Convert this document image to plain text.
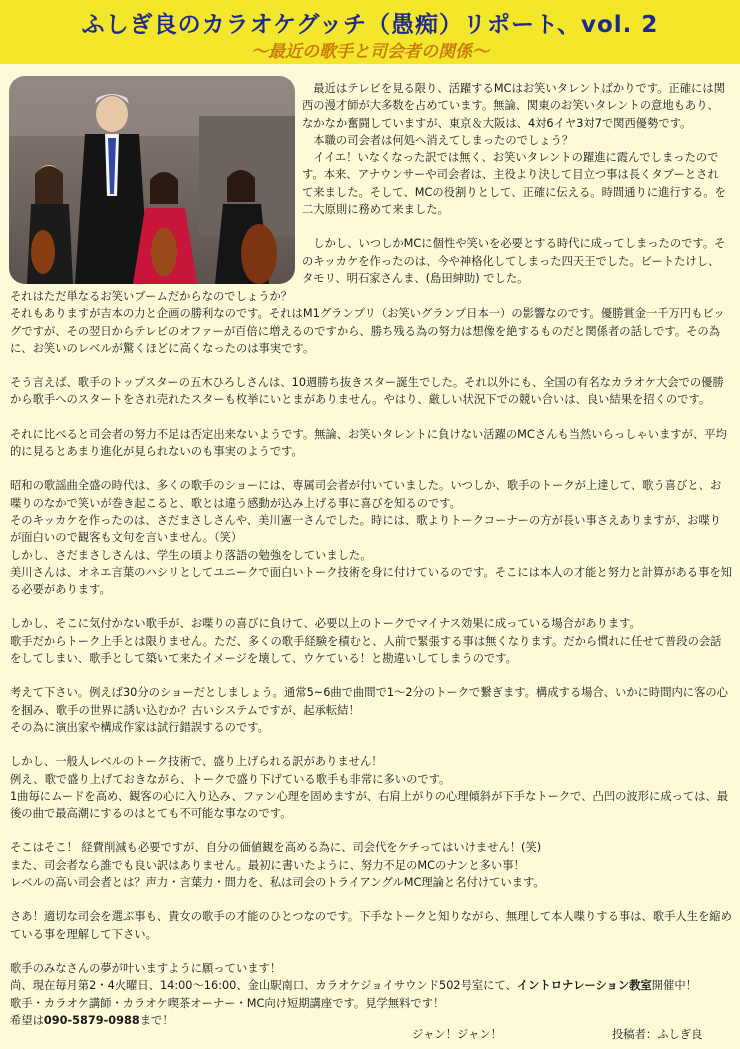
ふしぎ良のカラオケグッチ（愚痴）リポート、vol. 2
～最近の歌手と司会者の関係～

　最近はテレビを見る限り、活躍するMCはお笑いタレントばかりです。正確には関西の漫才師が大多数を占めています。無論、関東のお笑いタレントの意地もあり、なかなか奮闘していますが、東京＆大阪は、4対6イヤ3対7で関西優勢です。

　本職の司会者は何処へ消えてしまったのでしょう？

　イイエ！いなくなった訳では無く、お笑いタレントの躍進に霞んでしまったのです。本来、アナウンサーや司会者は、主役より決して目立つ事は長くタブーとされて来ました。そして、MCの役割りとして、正確に伝える。時間通りに進行する。を二大原則に務めて来ました。

　しかし、いつしかMCに個性や笑いを必要とする時代に成ってしまったのです。そのキッカケを作ったのは、今や神格化してしまった四天王でした。ビートたけし、タモリ、明石家さんま、(島田紳助) でした。

それはただ単なるお笑いブームだからなのでしょうか？

それもありますが吉本の力と企画の勝利なのです。それはM1グランプリ（お笑いグランプ日本一）の影響なのです。優勝賞金一千万円もビッグですが、その翌日からテレビのオファーが百倍に増えるのですから、勝ち残る為の努力は想像を絶するものだと関係者の話しです。その為に、お笑いのレベルが驚くほどに高くなったのは事実です。

そう言えば、歌手のトップスターの五木ひろしさんは、10週勝ち抜きスター誕生でした。それ以外にも、全国の有名なカラオケ大会での優勝から歌手へのスタートをされ売れたスターも枚挙にいとまがありません。やはり、厳しい状況下での競い合いは、良い結果を招くのです。

それに比べると司会者の努力不足は否定出来ないようです。無論、お笑いタレントに負けない活躍のMCさんも当然いらっしゃいますが、平均的に見るとあまり進化が見られないのも事実のようです。

昭和の歌謡曲全盛の時代は、多くの歌手のショーには、専属司会者が付いていました。いつしか、歌手のトークが上達して、歌う喜びと、お喋りのなかで笑いが巻き起こると、歌とは違う感動が込み上げる事に喜びを知るのです。

そのキッカケを作ったのは、さだまさしさんや、美川憲一さんでした。時には、歌よりトークコーナーの方が長い事さえありますが、お喋りが面白いので観客も文句を言いません。（笑）

しかし、さだまさしさんは、学生の頃より落語の勉強をしていました。

美川さんは、オネエ言葉のハシリとしてユニークで面白いトーク技術を身に付けているのです。そこには本人の才能と努力と計算がある事を知る必要があります。

しかし、そこに気付かない歌手が、お喋りの喜びに負けて、必要以上のトークでマイナス効果に成っている場合があります。

歌手だからトーク上手とは限りません。ただ、多くの歌手経験を積むと、人前で緊張する事は無くなります。だから慣れに任せて普段の会話をしてしまい、歌手として築いて来たイメージを壊して、ウケている！と勘違いしてしまうのです。

考えて下さい。例えば30分のショーだとしましょう。通常5~6曲で曲間で1～2分のトークで繋ぎます。構成する場合、いかに時間内に客の心を掴み、歌手の世界に誘い込むか？古いシステムですが、起承転結！

その為に演出家や構成作家は試行錯誤するのです。

しかし、一般人レベルのトーク技術で、盛り上げられる訳がありません！

例え、歌で盛り上げておきながら、トークで盛り下げている歌手も非常に多いのです。

1曲毎にムードを高め、観客の心に入り込み、ファン心理を固めますが、右肩上がりの心理傾斜が下手なトークで、凸凹の波形に成っては、最後の曲で最高潮にするのはとても不可能な事なのです。

そこはそこ！ 経費削減も必要ですが、自分の価値観を高める為に、司会代をケチってはいけません！(笑)

また、司会者なら誰でも良い訳はありません。最初に書いたように、努力不足のMCのナンと多い事！

レベルの高い司会者とは？声力・言葉力・間力を、私は司会のトライアングルMC理論と名付けています。

さあ！適切な司会を選ぶ事も、貴女の歌手の才能のひとつなのです。下手なトークと知りながら、無理して本人喋りする事は、歌手人生を縮めている事を理解して下さい。

歌手のみなさんの夢が叶いますように願っています！

尚、現在毎月第2・4火曜日、14:00～16:00、金山駅南口、カラオケジョイサウンド502号室にて、イントロナレーション教室開催中！

歌手・カラオケ講師・カラオケ喫茶オーナー・MC向け短期講座です。見学無料です！

希望は090-5879-0988まで！

ジャン！ジャン！	投稿者：ふしぎ良
